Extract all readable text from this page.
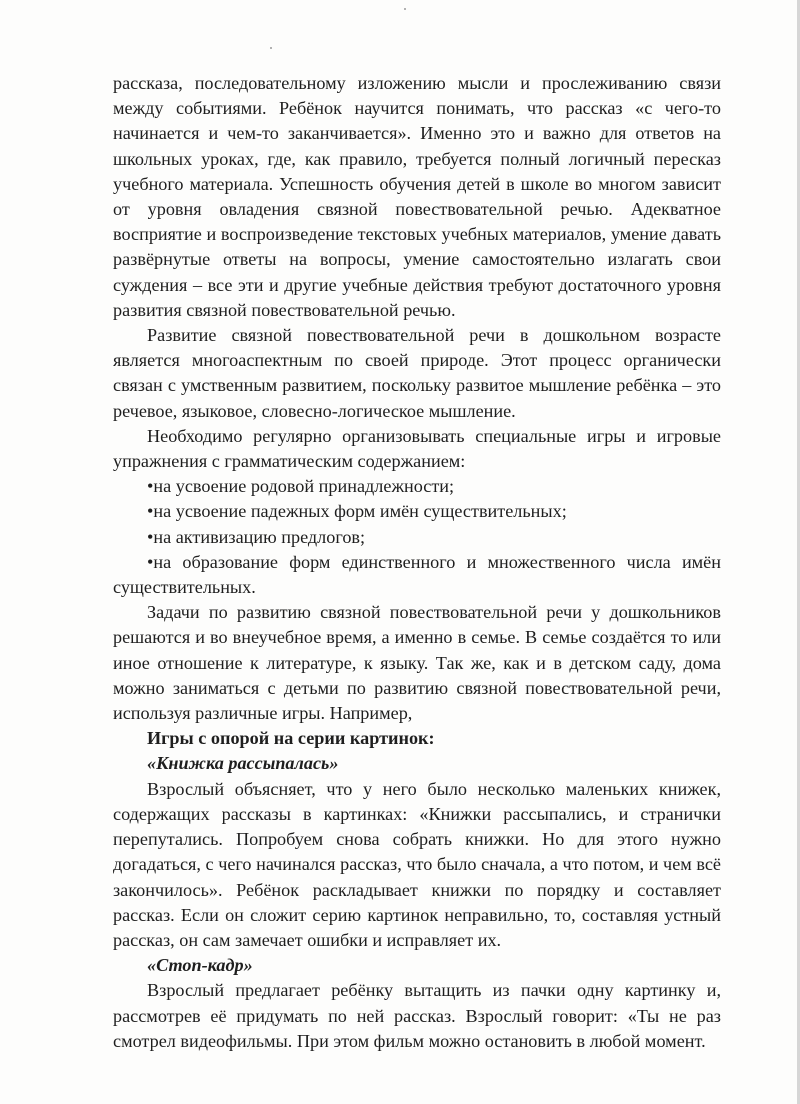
рассказа, последовательному изложению мысли и прослеживанию связи между событиями. Ребёнок научится понимать, что рассказ «с чего-то начинается и чем-то заканчивается». Именно это и важно для ответов на школьных уроках, где, как правило, требуется полный логичный пересказ учебного материала. Успешность обучения детей в школе во многом зависит от уровня овладения связной повествовательной речью. Адекватное восприятие и воспроизведение текстовых учебных материалов, умение давать развёрнутые ответы на вопросы, умение самостоятельно излагать свои суждения – все эти и другие учебные действия требуют достаточного уровня развития связной повествовательной речью.

Развитие связной повествовательной речи в дошкольном возрасте является многоаспектным по своей природе. Этот процесс органически связан с умственным развитием, поскольку развитое мышление ребёнка – это речевое, языковое, словесно-логическое мышление.

Необходимо регулярно организовывать специальные игры и игровые упражнения с грамматическим содержанием:

•на усвоение родовой принадлежности;

•на усвоение падежных форм имён существительных;

•на активизацию предлогов;

•на образование форм единственного и множественного числа имён существительных.

Задачи по развитию связной повествовательной речи у дошкольников решаются и во внеучебное время, а именно в семье. В семье создаётся то или иное отношение к литературе, к языку. Так же, как и в детском саду, дома можно заниматься с детьми по развитию связной повествовательной речи, используя различные игры. Например,

Игры с опорой на серии картинок:

«Книжка рассыпалась»

Взрослый объясняет, что у него было несколько маленьких книжек, содержащих рассказы в картинках: «Книжки рассыпались, и странички перепутались. Попробуем снова собрать книжки. Но для этого нужно догадаться, с чего начинался рассказ, что было сначала, а что потом, и чем всё закончилось». Ребёнок раскладывает книжки по порядку и составляет рассказ. Если он сложит серию картинок неправильно, то, составляя устный рассказ, он сам замечает ошибки и исправляет их.

«Стоп-кадр»

Взрослый предлагает ребёнку вытащить из пачки одну картинку и, рассмотрев её придумать по ней рассказ. Взрослый говорит: «Ты не раз смотрел видеофильмы. При этом фильм можно остановить в любой момент.
